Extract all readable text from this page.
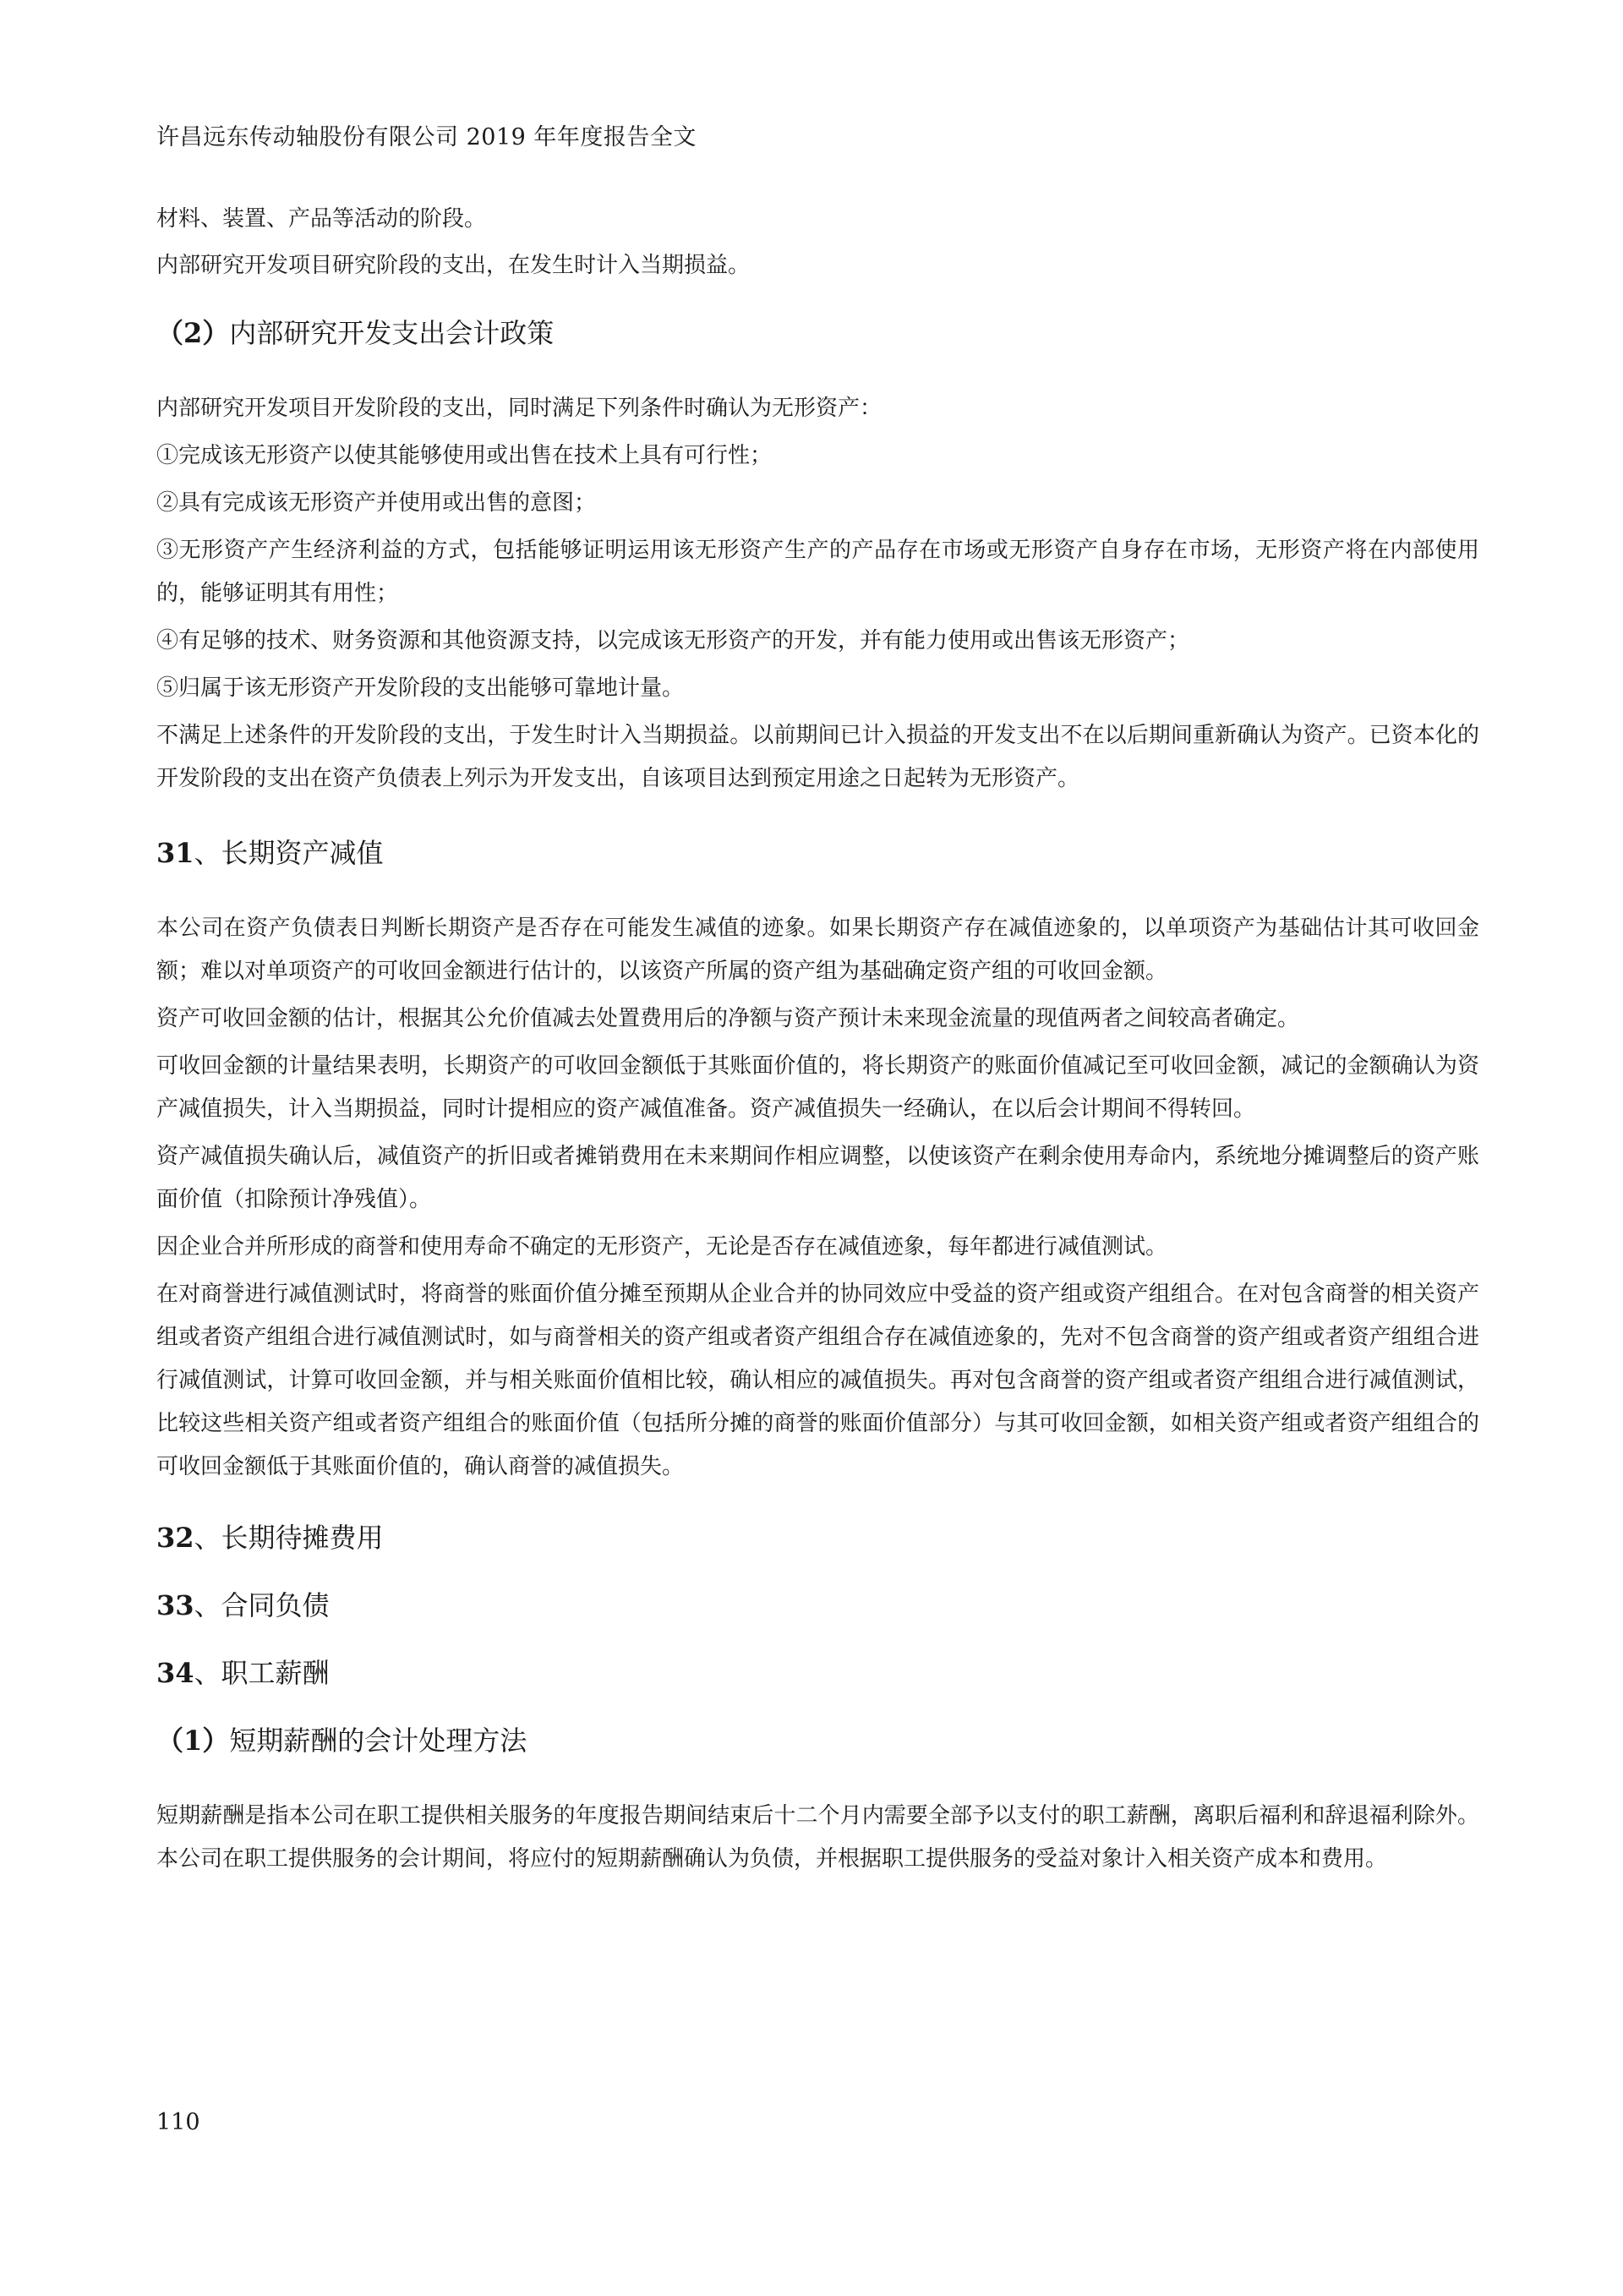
许昌远东传动轴股份有限公司 2019 年年度报告全文
材料、装置、产品等活动的阶段。
内部研究开发项目研究阶段的支出，在发生时计入当期损益。
（2）内部研究开发支出会计政策
内部研究开发项目开发阶段的支出，同时满足下列条件时确认为无形资产：
①完成该无形资产以使其能够使用或出售在技术上具有可行性；
②具有完成该无形资产并使用或出售的意图；
③无形资产产生经济利益的方式，包括能够证明运用该无形资产生产的产品存在市场或无形资产自身存在市场，无形资产将在内部使用的，能够证明其有用性；
④有足够的技术、财务资源和其他资源支持，以完成该无形资产的开发，并有能力使用或出售该无形资产；
⑤归属于该无形资产开发阶段的支出能够可靠地计量。
不满足上述条件的开发阶段的支出，于发生时计入当期损益。以前期间已计入损益的开发支出不在以后期间重新确认为资产。已资本化的开发阶段的支出在资产负债表上列示为开发支出，自该项目达到预定用途之日起转为无形资产。
31、长期资产减值
本公司在资产负债表日判断长期资产是否存在可能发生减值的迹象。如果长期资产存在减值迹象的，以单项资产为基础估计其可收回金额；难以对单项资产的可收回金额进行估计的，以该资产所属的资产组为基础确定资产组的可收回金额。
资产可收回金额的估计，根据其公允价值减去处置费用后的净额与资产预计未来现金流量的现值两者之间较高者确定。
可收回金额的计量结果表明，长期资产的可收回金额低于其账面价值的，将长期资产的账面价值减记至可收回金额，减记的金额确认为资产减值损失，计入当期损益，同时计提相应的资产减值准备。资产减值损失一经确认，在以后会计期间不得转回。
资产减值损失确认后，减值资产的折旧或者摊销费用在未来期间作相应调整，以使该资产在剩余使用寿命内，系统地分摊调整后的资产账面价值（扣除预计净残值）。
因企业合并所形成的商誉和使用寿命不确定的无形资产，无论是否存在减值迹象，每年都进行减值测试。
在对商誉进行减值测试时，将商誉的账面价值分摊至预期从企业合并的协同效应中受益的资产组或资产组组合。在对包含商誉的相关资产组或者资产组组合进行减值测试时，如与商誉相关的资产组或者资产组组合存在减值迹象的，先对不包含商誉的资产组或者资产组组合进行减值测试，计算可收回金额，并与相关账面价值相比较，确认相应的减值损失。再对包含商誉的资产组或者资产组组合进行减值测试，比较这些相关资产组或者资产组组合的账面价值（包括所分摊的商誉的账面价值部分）与其可收回金额，如相关资产组或者资产组组合的可收回金额低于其账面价值的，确认商誉的减值损失。
32、长期待摊费用
33、合同负债
34、职工薪酬
（1）短期薪酬的会计处理方法
短期薪酬是指本公司在职工提供相关服务的年度报告期间结束后十二个月内需要全部予以支付的职工薪酬，离职后福利和辞退福利除外。本公司在职工提供服务的会计期间，将应付的短期薪酬确认为负债，并根据职工提供服务的受益对象计入相关资产成本和费用。
110
